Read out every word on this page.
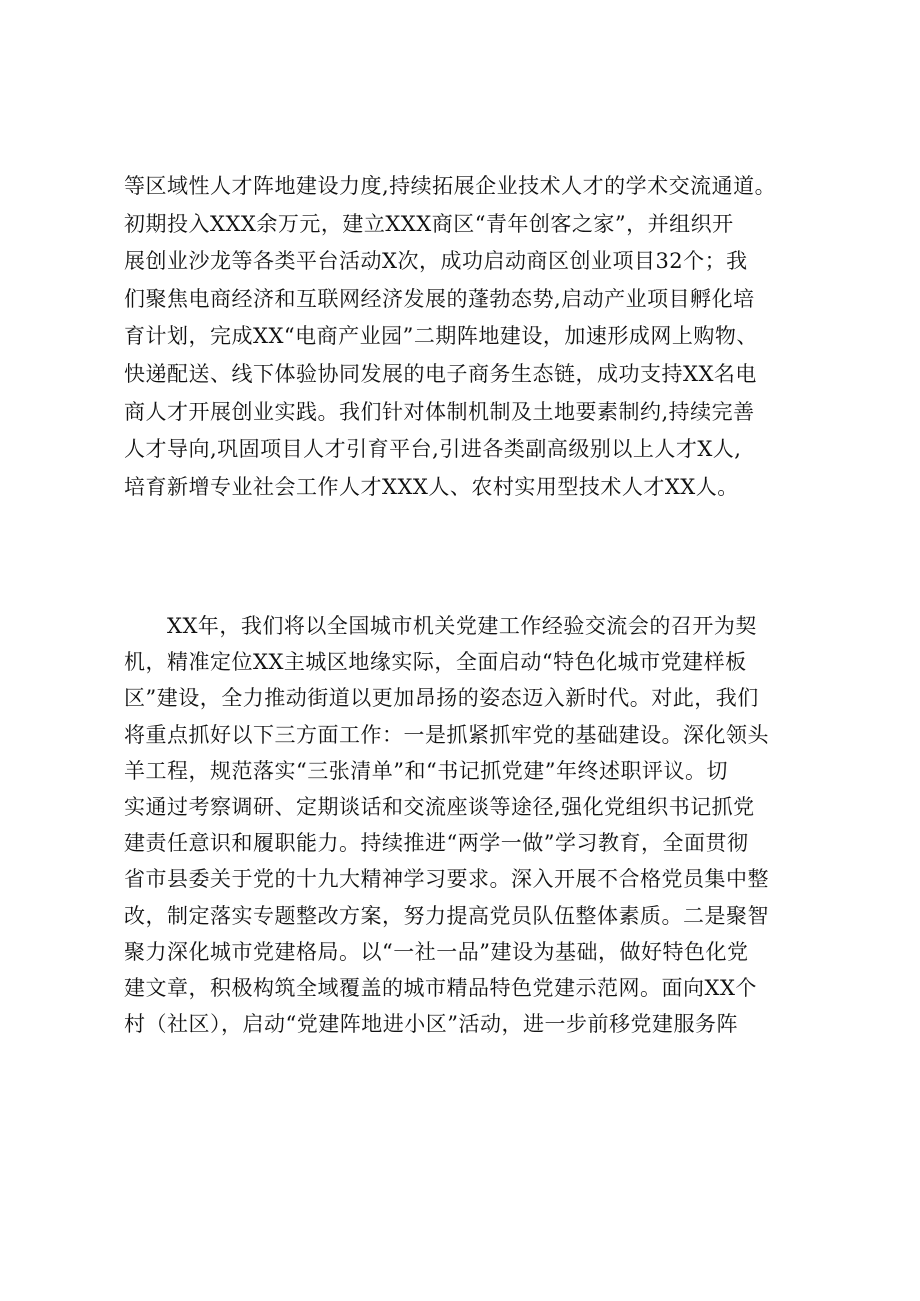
等区域性人才阵地建设力度,持续拓展企业技术人才的学术交流通道。
初期投入XXX余万元，建立XXX商区“青年创客之家”，并组织开
展创业沙龙等各类平台活动X次，成功启动商区创业项目32个；我
们聚焦电商经济和互联网经济发展的蓬勃态势,启动产业项目孵化培
育计划，完成XX“电商产业园”二期阵地建设，加速形成网上购物、
快递配送、线下体验协同发展的电子商务生态链，成功支持XX名电
商人才开展创业实践。我们针对体制机制及土地要素制约,持续完善
人才导向,巩固项目人才引育平台,引进各类副高级别以上人才X人,
培育新增专业社会工作人才XXX人、农村实用型技术人才XX人。
　　XX年，我们将以全国城市机关党建工作经验交流会的召开为契
机，精准定位XX主城区地缘实际，全面启动“特色化城市党建样板
区”建设，全力推动街道以更加昂扬的姿态迈入新时代。对此，我们
将重点抓好以下三方面工作：一是抓紧抓牢党的基础建设。深化领头
羊工程，规范落实“三张清单”和“书记抓党建”年终述职评议。切
实通过考察调研、定期谈话和交流座谈等途径,强化党组织书记抓党
建责任意识和履职能力。持续推进“两学一做”学习教育，全面贯彻
省市县委关于党的十九大精神学习要求。深入开展不合格党员集中整
改，制定落实专题整改方案，努力提高党员队伍整体素质。二是聚智
聚力深化城市党建格局。以“一社一品”建设为基础，做好特色化党
建文章，积极构筑全域覆盖的城市精品特色党建示范网。面向XX个
村（社区），启动“党建阵地进小区”活动，进一步前移党建服务阵
